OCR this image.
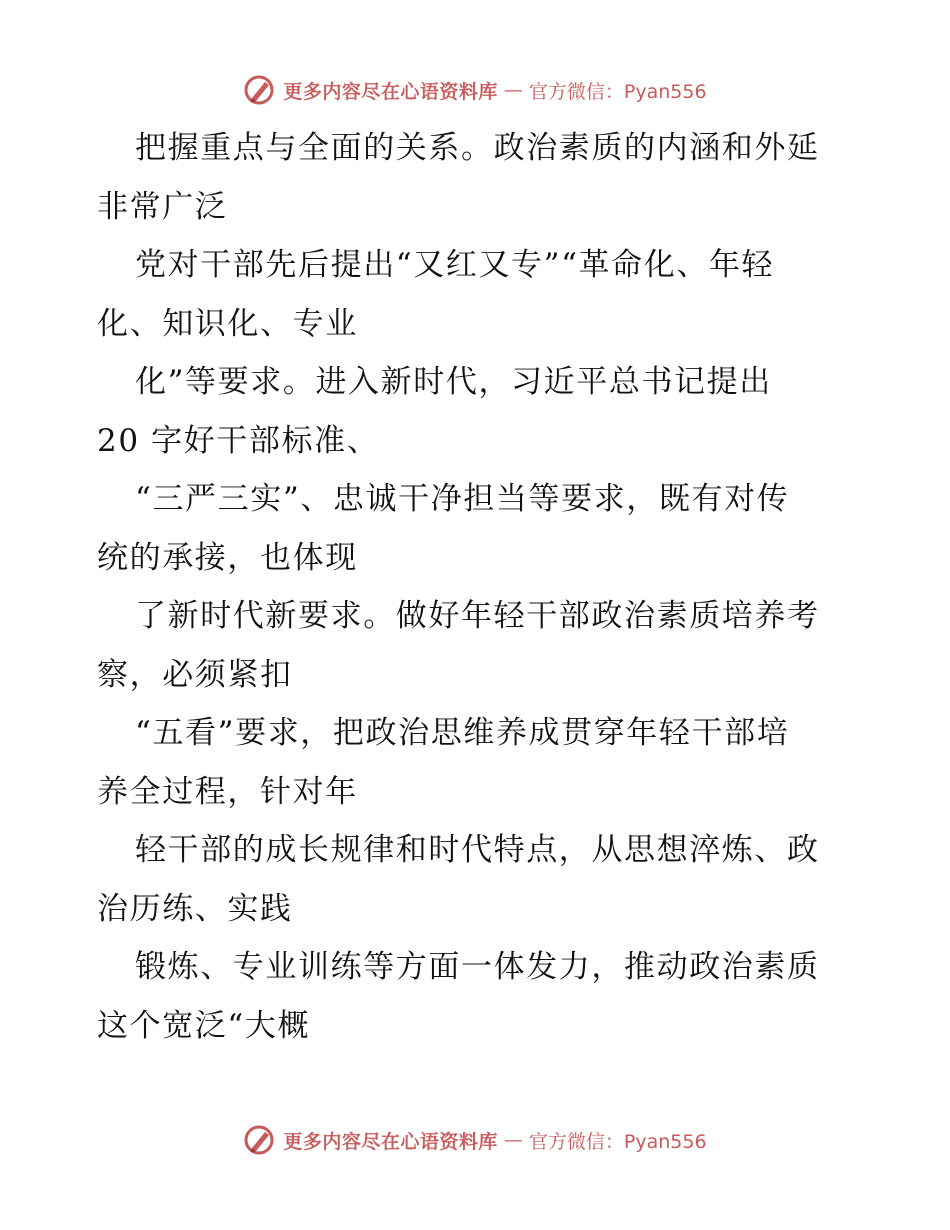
更多内容尽在心语资料库 — 官方微信：Pyan556
把握重点与全面的关系。政治素质的内涵和外延
非常广泛
党对干部先后提出“又红又专”“革命化、年轻
化、知识化、专业
化”等要求。进入新时代，习近平总书记提出
20 字好干部标准、
“三严三实”、忠诚干净担当等要求，既有对传
统的承接，也体现
了新时代新要求。做好年轻干部政治素质培养考
察，必须紧扣
“五看”要求，把政治思维养成贯穿年轻干部培
养全过程，针对年
轻干部的成长规律和时代特点，从思想淬炼、政
治历练、实践
锻炼、专业训练等方面一体发力，推动政治素质
这个宽泛“大概
更多内容尽在心语资料库 — 官方微信：Pyan556
